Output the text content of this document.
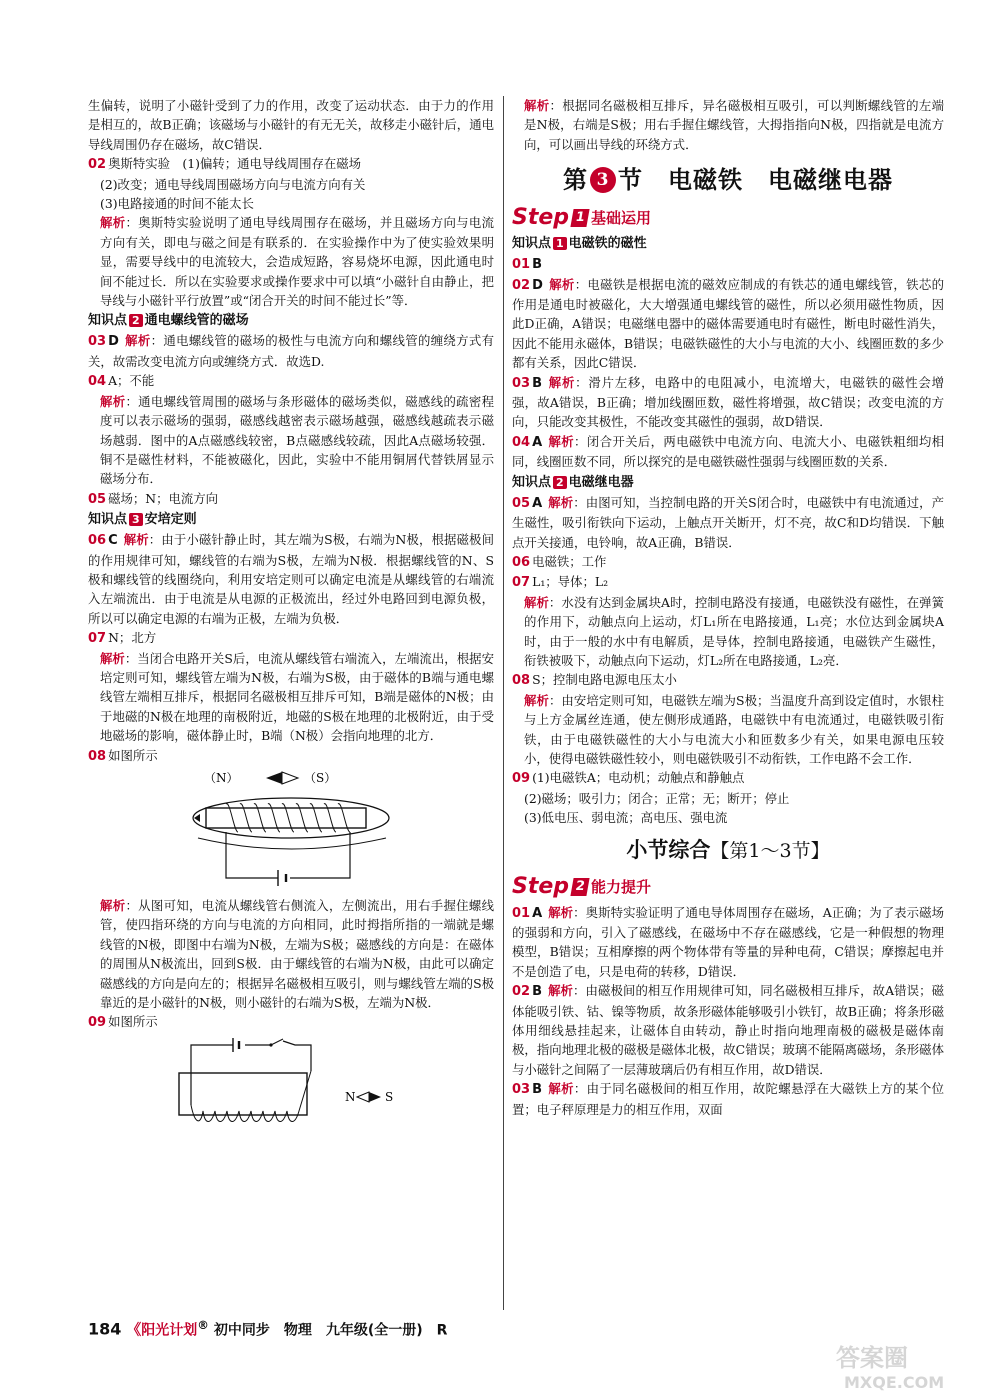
生偏转，说明了小磁针受到了力的作用，改变了运动状态．由于力的作用是相互的，故B正确；该磁场与小磁针的有无无关，故移走小磁针后，通电导线周围仍存在磁场，故C错误．

02 奥斯特实验　(1)偏转；通电导线周围存在磁场

(2)改变；通电导线周围磁场方向与电流方向有关

(3)电路接通的时间不能太长

解析：奥斯特实验说明了通电导线周围存在磁场，并且磁场方向与电流方向有关，即电与磁之间是有联系的．在实验操作中为了使实验效果明显，需要导线中的电流较大，会造成短路，容易烧坏电源，因此通电时间不能过长．所以在实验要求或操作要求中可以填“小磁针自由静止，把导线与小磁针平行放置”或“闭合开关的时间不能过长”等．

知识点 2 通电螺线管的磁场

03 D 解析：通电螺线管的磁场的极性与电流方向和螺线管的缠绕方式有关，故需改变电流方向或缠绕方式．故选D.

04 A；不能

解析：通电螺线管周围的磁场与条形磁体的磁场类似，磁感线的疏密程度可以表示磁场的强弱，磁感线越密表示磁场越强，磁感线越疏表示磁场越弱．图中的A点磁感线较密，B点磁感线较疏，因此A点磁场较强．铜不是磁性材料，不能被磁化，因此，实验中不能用铜屑代替铁屑显示磁场分布．

05 磁场；N；电流方向

知识点 3 安培定则

06 C 解析：由于小磁针静止时，其左端为S极，右端为N极，根据磁极间的作用规律可知，螺线管的右端为S极，左端为N极．根据螺线管的N、S极和螺线管的线圈绕向，利用安培定则可以确定电流是从螺线管的右端流入左端流出．由于电流是从电源的正极流出，经过外电路回到电源负极，所以可以确定电源的右端为正极，左端为负极．

07 N；北方

解析：当闭合电路开关S后，电流从螺线管右端流入，左端流出，根据安培定则可知，螺线管左端为N极，右端为S极，由于磁体的B端与通电螺线管左端相互排斥，根据同名磁极相互排斥可知，B端是磁体的N极；由于地磁的N极在地理的南极附近，地磁的S极在地理的北极附近，由于受地磁场的影响，磁体静止时，B端（N极）会指向地理的北方．

08 如图所示

（N）	（S）

解析：从图可知，电流从螺线管右侧流入，左侧流出，用右手握住螺线管，使四指环绕的方向与电流的方向相同，此时拇指所指的一端就是螺线管的N极，即图中右端为N极，左端为S极；磁感线的方向是：在磁体的周围从N极流出，回到S极．由于螺线管的右端为N极，由此可以确定磁感线的方向是向左的；根据异名磁极相互吸引，则与螺线管左端的S极靠近的是小磁针的N极，则小磁针的右端为S极，左端为N极．

09 如图所示

N S

解析：根据同名磁极相互排斥，异名磁极相互吸引，可以判断螺线管的左端是N极，右端是S极；用右手握住螺线管，大拇指指向N极，四指就是电流方向，可以画出导线的环绕方式．

第 3 节　 电磁铁　电磁继电器
Step 1 基础运用
知识点 1 电磁铁的磁性

01 B

02 D 解析：电磁铁是根据电流的磁效应制成的有铁芯的通电螺线管，铁芯的作用是通电时被磁化，大大增强通电螺线管的磁性，所以必须用磁性物质，因此D正确，A错误；电磁继电器中的磁体需要通电时有磁性，断电时磁性消失，因此不能用永磁体，B错误；电磁铁磁性的大小与电流的大小、线圈匝数的多少都有关系，因此C错误．

03 B 解析：滑片左移，电路中的电阻减小，电流增大，电磁铁的磁性会增强，故A错误，B正确；增加线圈匝数，磁性将增强，故C错误；改变电流的方向，只能改变其极性，不能改变其磁性的强弱，故D错误．

04 A 解析：闭合开关后，两电磁铁中电流方向、电流大小、电磁铁粗细均相同，线圈匝数不同，所以探究的是电磁铁磁性强弱与线圈匝数的关系．

知识点 2 电磁继电器

05 A 解析：由图可知，当控制电路的开关S闭合时，电磁铁中有电流通过，产生磁性，吸引衔铁向下运动，上触点开关断开，灯不亮，故C和D均错误．下触点开关接通，电铃响，故A正确，B错误．

06 电磁铁；工作

07 L₁；导体；L₂

解析：水没有达到金属块A时，控制电路没有接通，电磁铁没有磁性，在弹簧的作用下，动触点向上运动，灯L₁所在电路接通，L₁亮；水位达到金属块A时，由于一般的水中有电解质，是导体，控制电路接通，电磁铁产生磁性，衔铁被吸下，动触点向下运动，灯L₂所在电路接通，L₂亮．

08 S；控制电路电源电压太小

解析：由安培定则可知，电磁铁左端为S极；当温度升高到设定值时，水银柱与上方金属丝连通，使左侧形成通路，电磁铁中有电流通过，电磁铁吸引衔铁，由于电磁铁磁性的大小与电流大小和匝数多少有关，如果电源电压较小，使得电磁铁磁性较小，则电磁铁吸引不动衔铁，工作电路不会工作．

09 (1)电磁铁A；电动机；动触点和静触点

(2)磁场；吸引力；闭合；正常；无；断开；停止

(3)低电压、弱电流；高电压、强电流

小节综合【第1～3节】
Step 2 能力提升

01 A 解析：奥斯特实验证明了通电导体周围存在磁场，A正确；为了表示磁场的强弱和方向，引入了磁感线，在磁场中不存在磁感线，它是一种假想的物理模型，B错误；互相摩擦的两个物体带有等量的异种电荷，C错误；摩擦起电并不是创造了电，只是电荷的转移，D错误．

02 B 解析：由磁极间的相互作用规律可知，同名磁极相互排斥，故A错误；磁体能吸引铁、钴、镍等物质，故条形磁体能够吸引小铁钉，故B正确；将条形磁体用细线悬挂起来，让磁体自由转动，静止时指向地理南极的磁极是磁体南极，指向地理北极的磁极是磁体北极，故C错误；玻璃不能隔离磁场，条形磁体与小磁针之间隔了一层薄玻璃后仍有相互作用，故D错误．

03 B 解析：由于同名磁极间的相互作用，故陀螺悬浮在大磁铁上方的某个位置；电子秤原理是力的相互作用，双面

184 《阳光计划® 初中同步　物理　九年级(全一册)　R
答案圈
MXQE.COM
